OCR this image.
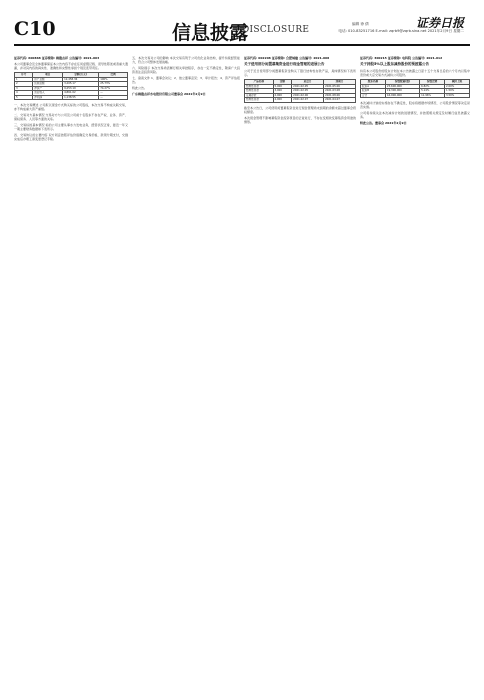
C10	信息披露
DISCLOSURE
编辑 徐 倩	证券日报
电话: 010-83251716 E-mail: zqrb9@zqrb.sina.net 2021年2月9日 星期二
证券代码: 600868 证券简称: 梅雁吉祥 公告编号: 2021-003
本公司董事会及全体董事保证本公告内容不存在任何虚假记载、误导性陈述或者重大遗漏，并对其内容的真实性、准确性和完整性承担个别及连带责任。
序号	项目	金额(万元)	比例
1	资产总额	12,458.36	100%
2	负债总额	3,205.17	25.73%
3	净资产	9,253.19	74.27%
4	营业收入	4,861.02	—
5	净利润	1,138.55	—
一、本次交易概述 公司拟以现金方式购买标的公司股权，本次交易不构成关联交易，亦不构成重大资产重组。
二、交易对方基本情况 交易对方与公司及公司前十名股东不存在产权、业务、资产、债权债务、人员等方面的关系。
三、交易标的基本情况 标的公司主要从事水力发电业务，经营状况正常，最近一年又一期主要财务数据如下表所示。
四、交易协议的主要内容 双方同意按照评估价值确定交易价格，款项分期支付，交割完成后办理工商变更登记手续。
五、本次交易对公司的影响 本次交易有利于公司优化业务结构，提升持续经营能力，符合公司整体发展战略。
六、风险提示 本次交易尚需履行相关审批程序，存在一定不确定性，敬请广大投资者注意投资风险。
七、备查文件 1、董事会决议；2、独立董事意见；3、审计报告；4、资产评估报告。
特此公告。
广东梅雁吉祥水电股份有限公司董事会 2021年2月9日
证券代码: 002208 证券简称: 合肥城建 公告编号: 2021-008
关于使用部分闲置募集资金进行现金管理的进展公告
公司于近日使用部分闲置募集资金购买了银行结构性存款产品，具体情况如下表所示。
产品名称	金额	起息日	到期日
结构性存款	5,000	2021.02.05	2021.05.06
结构性存款	3,000	2021.02.05	2021.03.08
定期存款	2,000	2021.02.06	2021.08.06
结构性存款	4,000	2021.02.07	2021.04.07
截至本公告日，公司使用闲置募集资金进行现金管理尚未到期的余额未超过董事会授权额度。
本次现金管理不影响募集资金投资项目的正常进行，不存在变相改变募集资金用途的情形。
证券代码: 300215 证券简称: 电科院 公告编号: 2021-012
关于持股5%以上股东减持股份的预披露公告
持有本公司股份的股东计划在本公告披露之日起十五个交易日后的六个月内以集中竞价或大宗交易方式减持公司股份。
股东名称	持股数量(股)	持股比例	减持上限
股东A	25,600,000	6.82%	2.00%
股东B	19,300,000	5.14%	1.50%
合计	44,900,000	11.96%	3.50%
本次减持计划的实施存在不确定性，股东将根据市场情况、公司股价情况等决定是否实施。
公司将持续关注本次减持计划的进展情况，并按照相关规定及时履行信息披露义务。
特此公告。董事会 2021年2月9日
